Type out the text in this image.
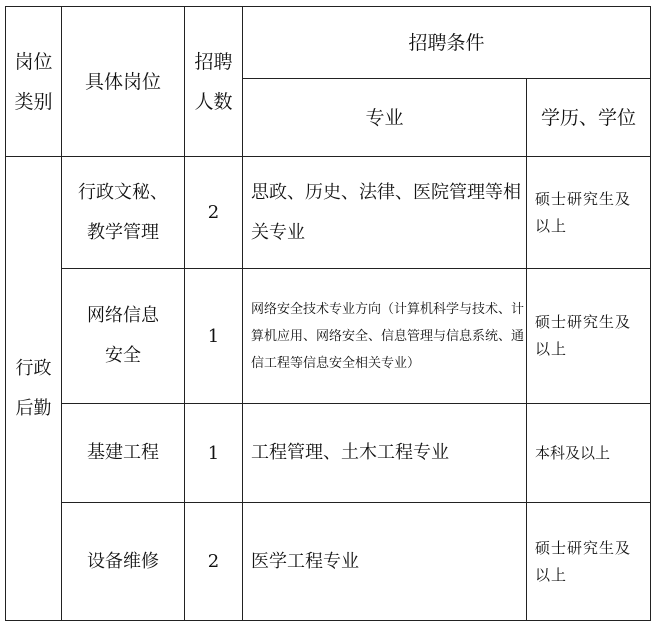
岗位类别	具体岗位	招聘人数	招聘条件	
			专业	学历、学位

行政后勤	行政文秘、教学管理	2	思政、历史、法律、医院管理等相关专业	硕士研究生及以上

	网络信息安全	1	网络安全技术专业方向（计算机科学与技术、计算机应用、网络安全、信息管理与信息系统、通信工程等信息安全相关专业）	硕士研究生及以上
	基建工程	1	工程管理、土木工程专业	本科及以上
	设备维修	2	医学工程专业	硕士研究生及以上
